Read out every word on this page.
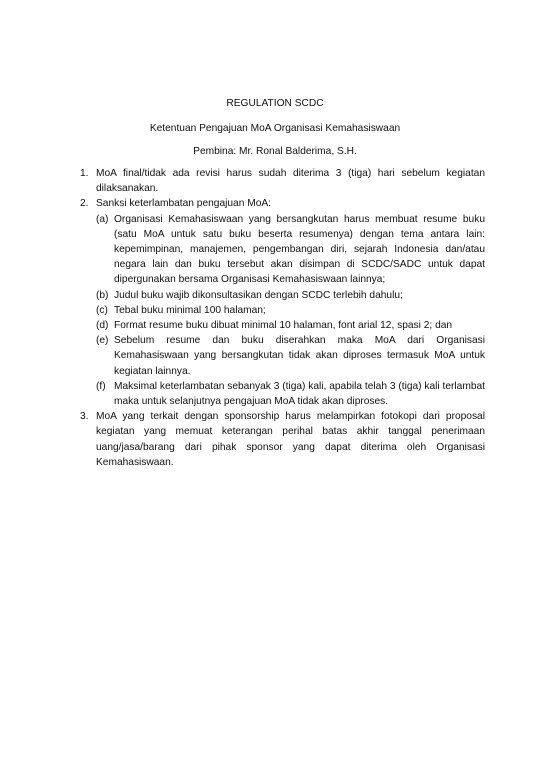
REGULATION SCDC
Ketentuan Pengajuan MoA Organisasi Kemahasiswaan
Pembina: Mr. Ronal Balderima, S.H.
1. MoA final/tidak ada revisi harus sudah diterima 3 (tiga) hari sebelum kegiatan dilaksanakan.
2. Sanksi keterlambatan pengajuan MoA:
(a) Organisasi Kemahasiswaan yang bersangkutan harus membuat resume buku (satu MoA untuk satu buku beserta resumenya) dengan tema antara lain: kepemimpinan, manajemen, pengembangan diri, sejarah Indonesia dan/atau negara lain dan buku tersebut akan disimpan di SCDC/SADC untuk dapat dipergunakan bersama Organisasi Kemahasiswaan lainnya;
(b) Judul buku wajib dikonsultasikan dengan SCDC terlebih dahulu;
(c) Tebal buku minimal 100 halaman;
(d) Format resume buku dibuat minimal 10 halaman, font arial 12, spasi 2; dan
(e) Sebelum resume dan buku diserahkan maka MoA dari Organisasi Kemahasiswaan yang bersangkutan tidak akan diproses termasuk MoA untuk kegiatan lainnya.
(f) Maksimal keterlambatan sebanyak 3 (tiga) kali, apabila telah 3 (tiga) kali terlambat maka untuk selanjutnya pengajuan MoA tidak akan diproses.
3. MoA yang terkait dengan sponsorship harus melampirkan fotokopi dari proposal kegiatan yang memuat keterangan perihal batas akhir tanggal penerimaan uang/jasa/barang dari pihak sponsor yang dapat diterima oleh Organisasi Kemahasiswaan.
